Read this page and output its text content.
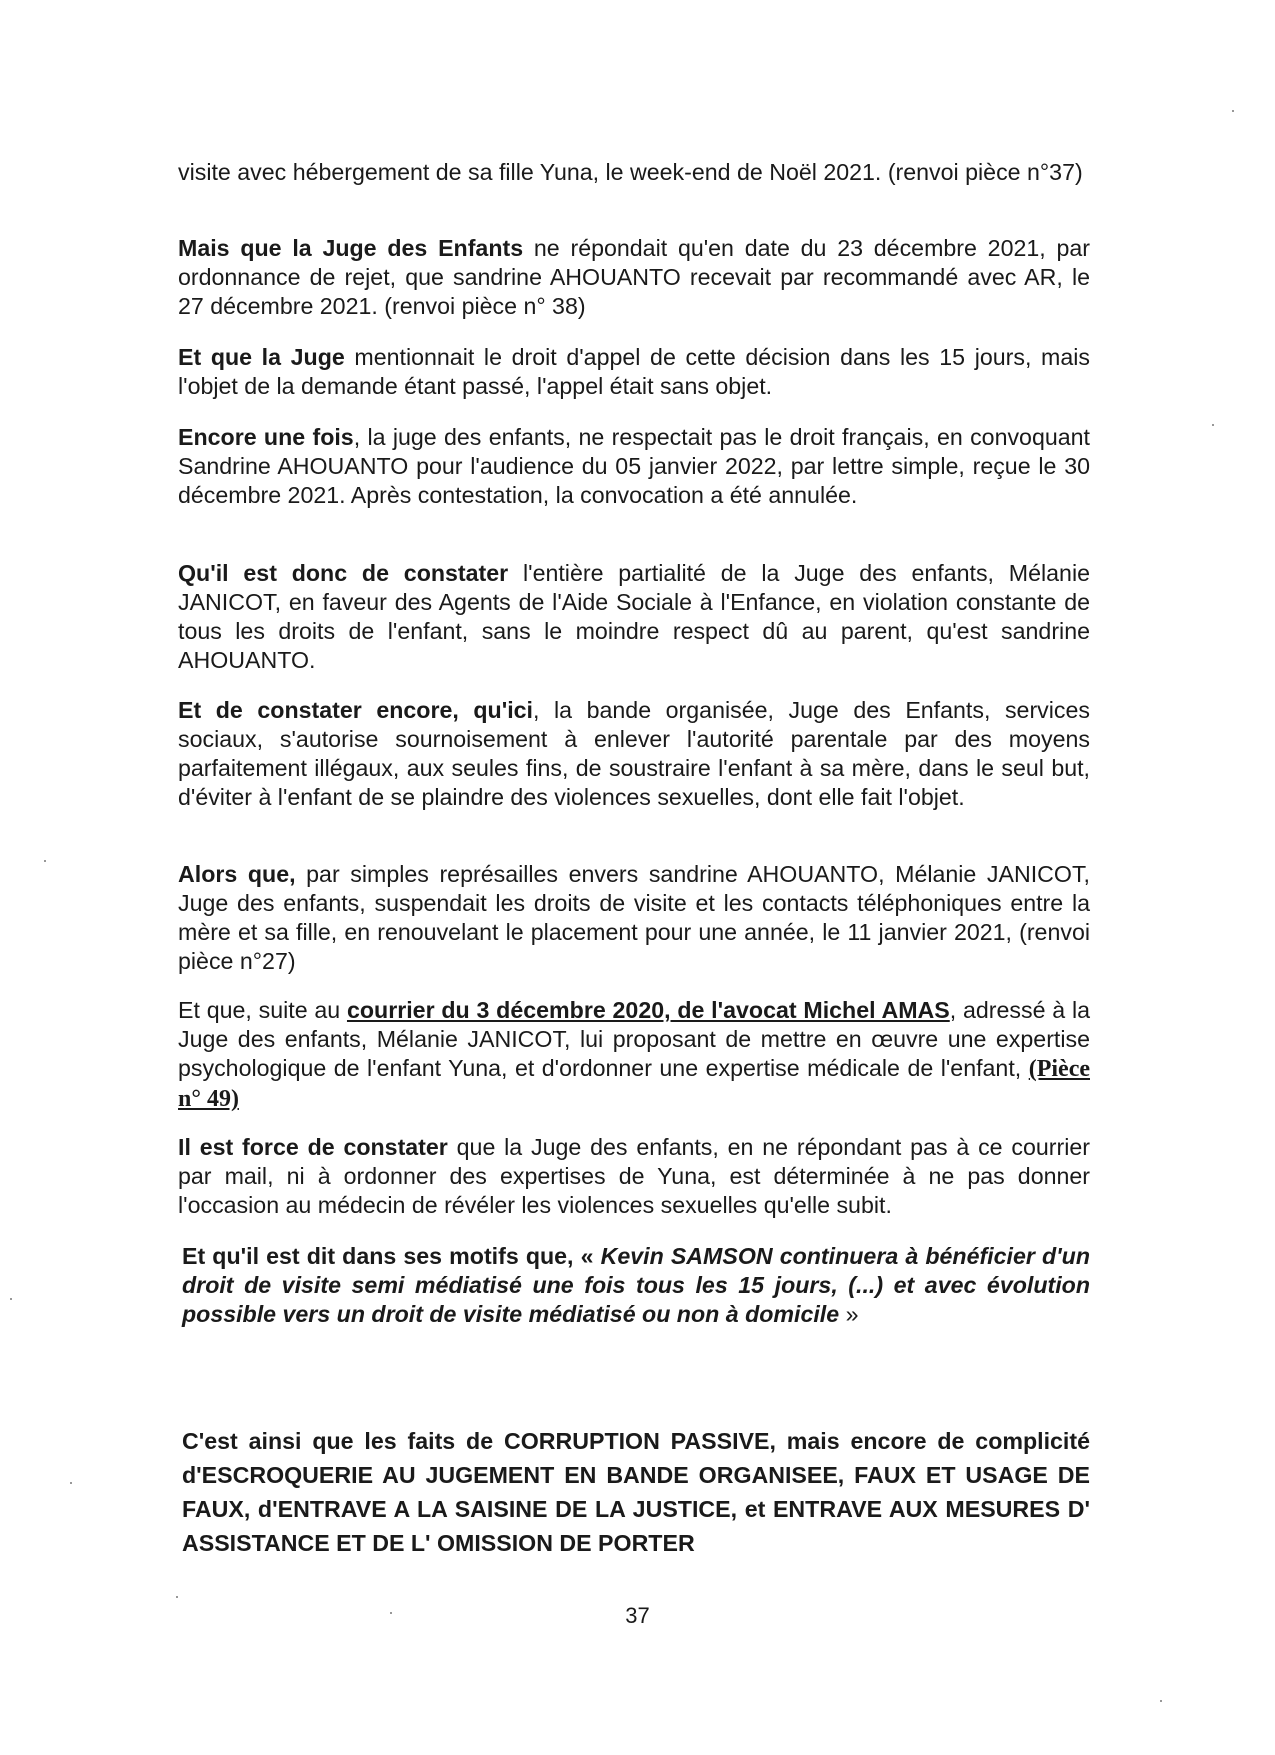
visite avec hébergement de sa fille Yuna, le week-end de Noël 2021. (renvoi pièce n°37)

Mais que la Juge des Enfants ne répondait qu'en date du 23 décembre 2021, par ordonnance de rejet, que sandrine AHOUANTO recevait par recommandé avec AR, le 27 décembre 2021. (renvoi pièce n° 38)

Et que la Juge mentionnait le droit d'appel de cette décision dans les 15 jours, mais l'objet de la demande étant passé, l'appel était sans objet.

Encore une fois, la juge des enfants, ne respectait pas le droit français, en convoquant Sandrine AHOUANTO pour l'audience du 05 janvier 2022, par lettre simple, reçue le 30 décembre 2021. Après contestation, la convocation a été annulée.

Qu'il est donc de constater l'entière partialité de la Juge des enfants, Mélanie JANICOT, en faveur des Agents de l'Aide Sociale à l'Enfance, en violation constante de tous les droits de l'enfant, sans le moindre respect dû au parent, qu'est sandrine AHOUANTO.

Et de constater encore, qu'ici, la bande organisée, Juge des Enfants, services sociaux, s'autorise sournoisement à enlever l'autorité parentale par des moyens parfaitement illégaux, aux seules fins, de soustraire l'enfant à sa mère, dans le seul but, d'éviter à l'enfant de se plaindre des violences sexuelles, dont elle fait l'objet.

Alors que, par simples représailles envers sandrine AHOUANTO, Mélanie JANICOT, Juge des enfants, suspendait les droits de visite et les contacts téléphoniques entre la mère et sa fille, en renouvelant le placement pour une année, le 11 janvier 2021, (renvoi pièce n°27)

Et que, suite au courrier du 3 décembre 2020, de l'avocat Michel AMAS, adressé à la Juge des enfants, Mélanie JANICOT, lui proposant de mettre en œuvre une expertise psychologique de l'enfant Yuna, et d'ordonner une expertise médicale de l'enfant, (Pièce n° 49)

Il est force de constater que la Juge des enfants, en ne répondant pas à ce courrier par mail, ni à ordonner des expertises de Yuna, est déterminée à ne pas donner l'occasion au médecin de révéler les violences sexuelles qu'elle subit.

Et qu'il est dit dans ses motifs que, « Kevin SAMSON continuera à bénéficier d'un droit de visite semi médiatisé une fois tous les 15 jours, (...) et avec évolution possible vers un droit de visite médiatisé ou non à domicile »

C'est ainsi que les faits de CORRUPTION PASSIVE, mais encore de complicité d'ESCROQUERIE AU JUGEMENT EN BANDE ORGANISEE, FAUX ET USAGE DE FAUX, d'ENTRAVE A LA SAISINE DE LA JUSTICE, et ENTRAVE AUX MESURES D' ASSISTANCE ET DE L' OMISSION DE PORTER

37
